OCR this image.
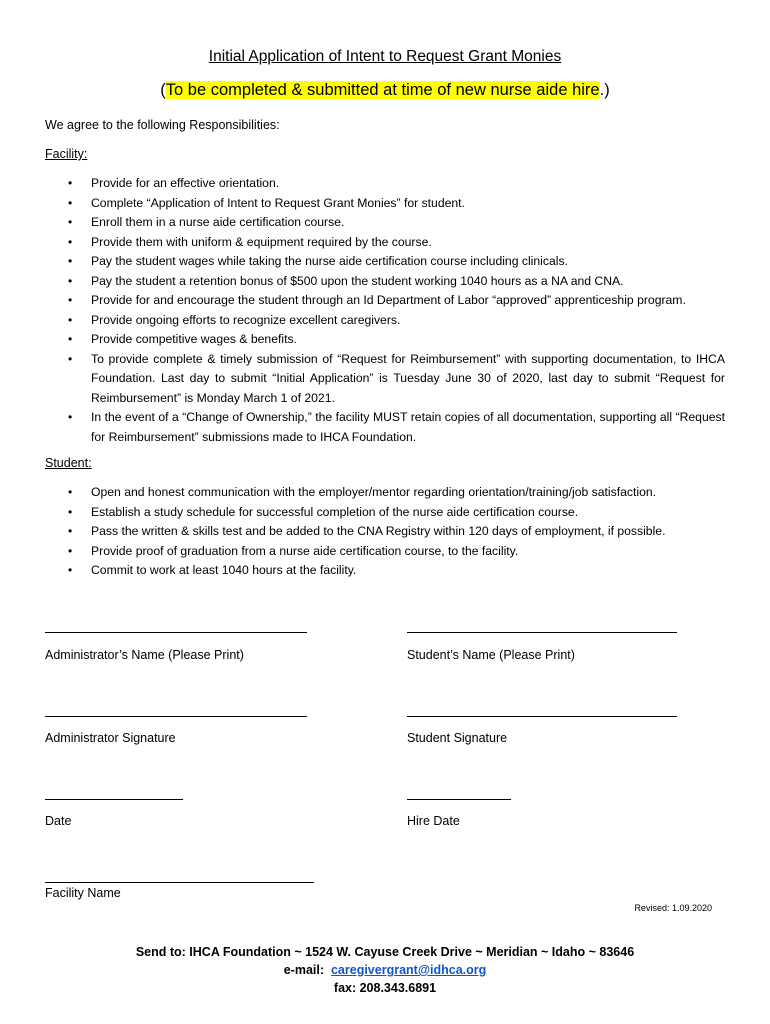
Initial Application of Intent to Request Grant Monies
(To be completed & submitted at time of new nurse aide hire.)
We agree to the following Responsibilities:
Facility:
• Provide for an effective orientation.
• Complete “Application of Intent to Request Grant Monies” for student.
• Enroll them in a nurse aide certification course.
• Provide them with uniform & equipment required by the course.
• Pay the student wages while taking the nurse aide certification course including clinicals.
• Pay the student a retention bonus of $500 upon the student working 1040 hours as a NA and CNA.
• Provide for and encourage the student through an Id Department of Labor “approved” apprenticeship program.
• Provide ongoing efforts to recognize excellent caregivers.
• Provide competitive wages & benefits.
• To provide complete & timely submission of “Request for Reimbursement” with supporting documentation, to IHCA Foundation. Last day to submit “Initial Application” is Tuesday June 30 of 2020, last day to submit “Request for Reimbursement” is Monday March 1 of 2021.
• In the event of a “Change of Ownership,” the facility MUST retain copies of all documentation, supporting all “Request for Reimbursement” submissions made to IHCA Foundation.
Student:
• Open and honest communication with the employer/mentor regarding orientation/training/job satisfaction.
• Establish a study schedule for successful completion of the nurse aide certification course.
• Pass the written & skills test and be added to the CNA Registry within 120 days of employment, if possible.
• Provide proof of graduation from a nurse aide certification course, to the facility.
• Commit to work at least 1040 hours at the facility.
Administrator’s Name (Please Print)	Student’s Name (Please Print)
Administrator Signature	Student Signature
Date	Hire Date
Facility Name
Revised: 1.09.2020
Send to: IHCA Foundation ~ 1524 W. Cayuse Creek Drive ~ Meridian ~ Idaho ~ 83646
e-mail: caregivergrant@idhca.org
fax: 208.343.6891
